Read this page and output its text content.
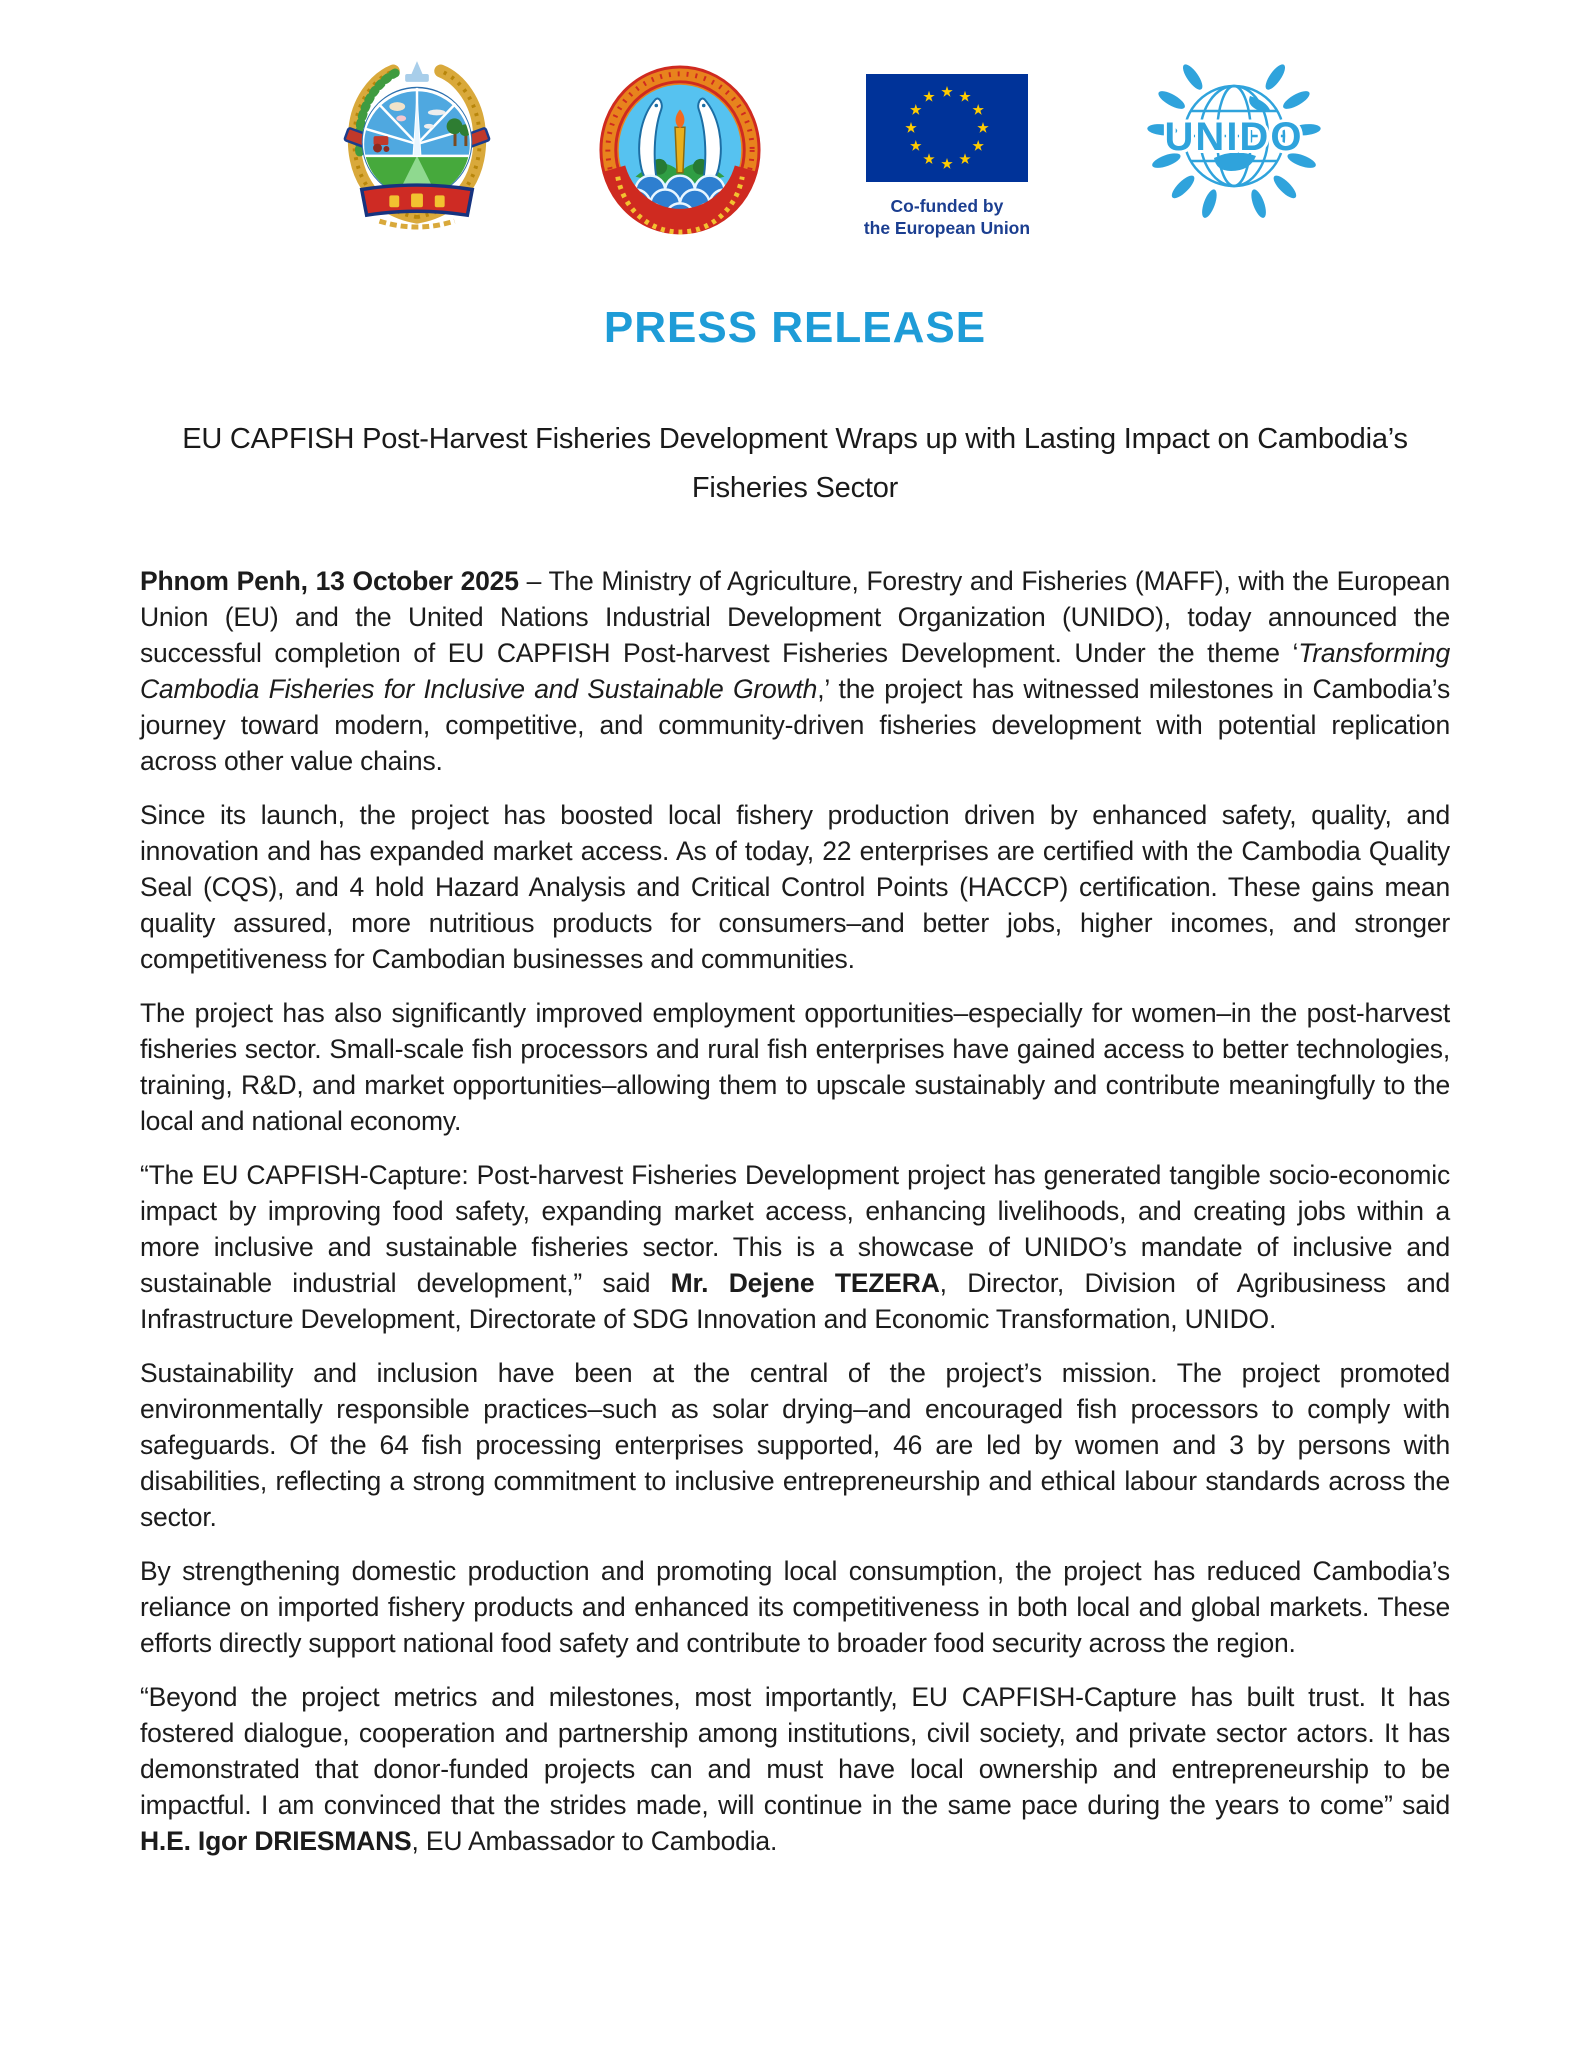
Co-funded by
the European Union
UNIDO
PRESS RELEASE
EU CAPFISH Post-Harvest Fisheries Development Wraps up with Lasting Impact on Cambodia’s Fisheries Sector

Phnom Penh, 13 October 2025 – The Ministry of Agriculture, Forestry and Fisheries (MAFF), with the European Union (EU) and the United Nations Industrial Development Organization (UNIDO), today announced the successful completion of EU CAPFISH Post-harvest Fisheries Development. Under the theme ‘Transforming Cambodia Fisheries for Inclusive and Sustainable Growth,’ the project has witnessed milestones in Cambodia’s journey toward modern, competitive, and community-driven fisheries development with potential replication across other value chains.

Since its launch, the project has boosted local fishery production driven by enhanced safety, quality, and innovation and has expanded market access. As of today, 22 enterprises are certified with the Cambodia Quality Seal (CQS), and 4 hold Hazard Analysis and Critical Control Points (HACCP) certification. These gains mean quality assured, more nutritious products for consumers–and better jobs, higher incomes, and stronger competitiveness for Cambodian businesses and communities.

The project has also significantly improved employment opportunities–especially for women–in the post-harvest fisheries sector. Small-scale fish processors and rural fish enterprises have gained access to better technologies, training, R&D, and market opportunities–allowing them to upscale sustainably and contribute meaningfully to the local and national economy.

“The EU CAPFISH-Capture: Post-harvest Fisheries Development project has generated tangible socio-economic impact by improving food safety, expanding market access, enhancing livelihoods, and creating jobs within a more inclusive and sustainable fisheries sector. This is a showcase of UNIDO’s mandate of inclusive and sustainable industrial development,” said Mr. Dejene TEZERA, Director, Division of Agribusiness and Infrastructure Development, Directorate of SDG Innovation and Economic Transformation, UNIDO.

Sustainability and inclusion have been at the central of the project’s mission. The project promoted environmentally responsible practices–such as solar drying–and encouraged fish processors to comply with safeguards. Of the 64 fish processing enterprises supported, 46 are led by women and 3 by persons with disabilities, reflecting a strong commitment to inclusive entrepreneurship and ethical labour standards across the sector.

By strengthening domestic production and promoting local consumption, the project has reduced Cambodia’s reliance on imported fishery products and enhanced its competitiveness in both local and global markets. These efforts directly support national food safety and contribute to broader food security across the region.

“Beyond the project metrics and milestones, most importantly, EU CAPFISH-Capture has built trust. It has fostered dialogue, cooperation and partnership among institutions, civil society, and private sector actors. It has demonstrated that donor-funded projects can and must have local ownership and entrepreneurship to be impactful. I am convinced that the strides made, will continue in the same pace during the years to come” said H.E. Igor DRIESMANS, EU Ambassador to Cambodia.
